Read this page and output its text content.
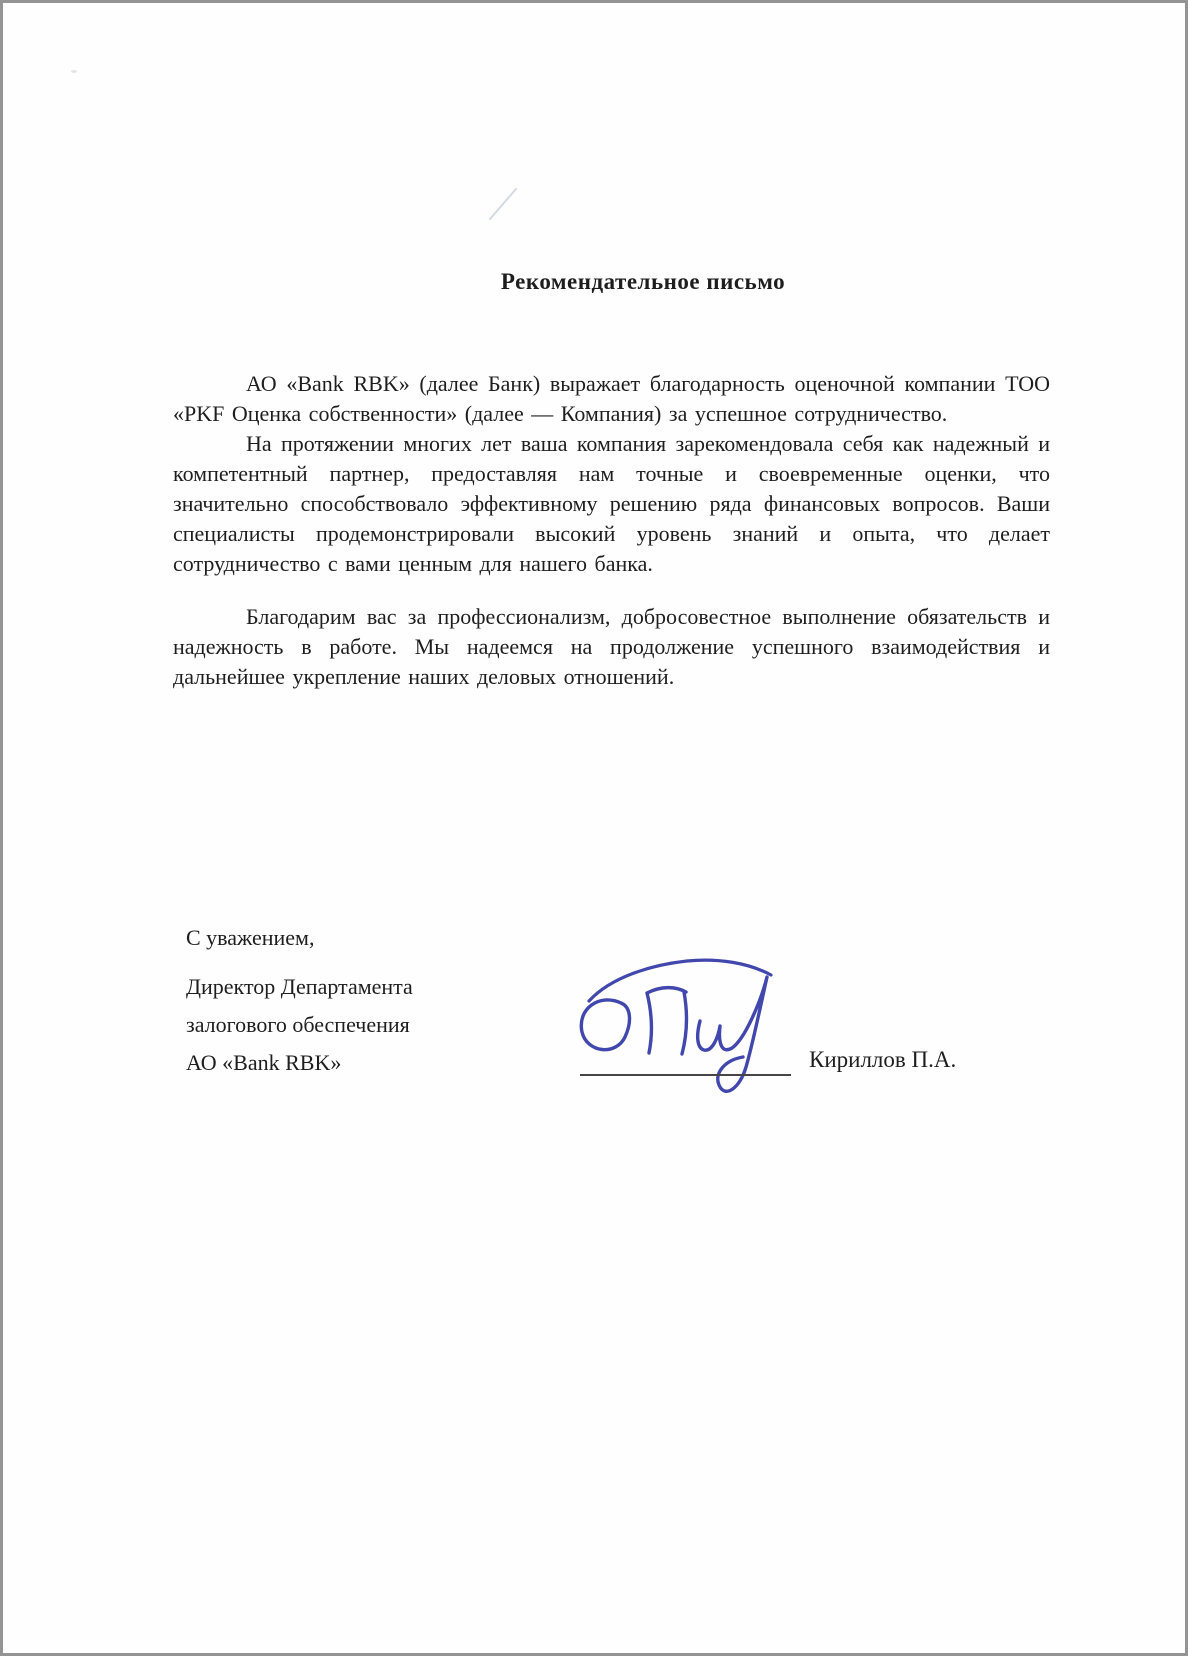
Рекомендательное письмо

АО «Bank RBK» (далее Банк) выражает благодарность оценочной компании ТОО «PKF Оценка собственности» (далее — Компания) за успешное сотрудничество.

На протяжении многих лет ваша компания зарекомендовала себя как надежный и компетентный партнер, предоставляя нам точные и своевременные оценки, что значительно способствовало эффективному решению ряда финансовых вопросов. Ваши специалисты продемонстрировали высокий уровень знаний и опыта, что делает сотрудничество с вами ценным для нашего банка.

Благодарим вас за профессионализм, добросовестное выполнение обязательств и надежность в работе. Мы надеемся на продолжение успешного взаимодействия и дальнейшее укрепление наших деловых отношений.

С уважением,
Директор Департамента
залогового обеспечения
АО «Bank RBK»	Кириллов П.А.
